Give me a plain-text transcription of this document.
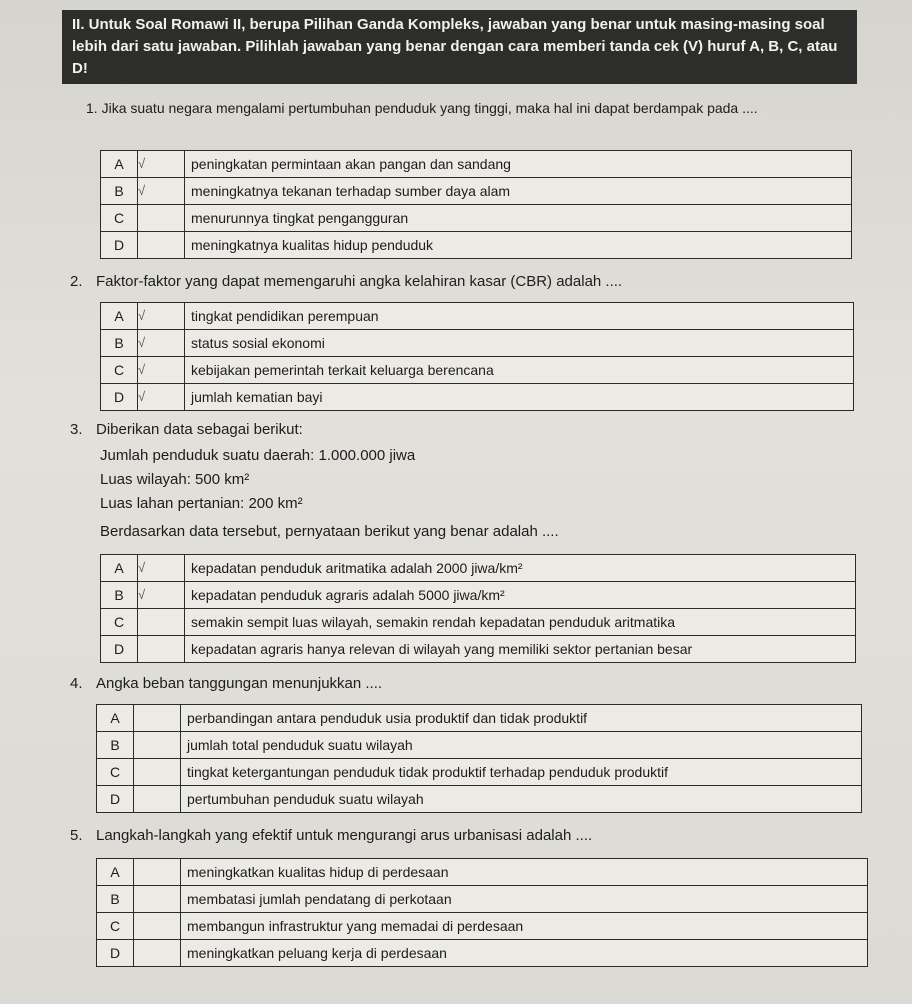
II. Untuk Soal Romawi II, berupa Pilihan Ganda Kompleks, jawaban yang benar untuk masing-masing soal lebih dari satu jawaban. Pilihlah jawaban yang benar dengan cara memberi tanda cek (V) huruf A, B, C, atau D!
1. Jika suatu negara mengalami pertumbuhan penduduk yang tinggi, maka hal ini dapat berdampak pada ....
A	√	peningkatan permintaan akan pangan dan sandang
B	√	meningkatnya tekanan terhadap sumber daya alam
C		menurunnya tingkat pengangguran
D		meningkatnya kualitas hidup penduduk
2. Faktor-faktor yang dapat memengaruhi angka kelahiran kasar (CBR) adalah ....
A	√	tingkat pendidikan perempuan
B	√	status sosial ekonomi
C	√	kebijakan pemerintah terkait keluarga berencana
D	√	jumlah kematian bayi
3. Diberikan data sebagai berikut:
Jumlah penduduk suatu daerah: 1.000.000 jiwa
Luas wilayah: 500 km²
Luas lahan pertanian: 200 km²
Berdasarkan data tersebut, pernyataan berikut yang benar adalah ....
A	√	kepadatan penduduk aritmatika adalah 2000 jiwa/km²
B	√	kepadatan penduduk agraris adalah 5000 jiwa/km²
C		semakin sempit luas wilayah, semakin rendah kepadatan penduduk aritmatika
D		kepadatan agraris hanya relevan di wilayah yang memiliki sektor pertanian besar
4. Angka beban tanggungan menunjukkan ....
A		perbandingan antara penduduk usia produktif dan tidak produktif
B		jumlah total penduduk suatu wilayah
C		tingkat ketergantungan penduduk tidak produktif terhadap penduduk produktif
D		pertumbuhan penduduk suatu wilayah
5. Langkah-langkah yang efektif untuk mengurangi arus urbanisasi adalah ....
A		meningkatkan kualitas hidup di perdesaan
B		membatasi jumlah pendatang di perkotaan
C		membangun infrastruktur yang memadai di perdesaan
D		meningkatkan peluang kerja di perdesaan
